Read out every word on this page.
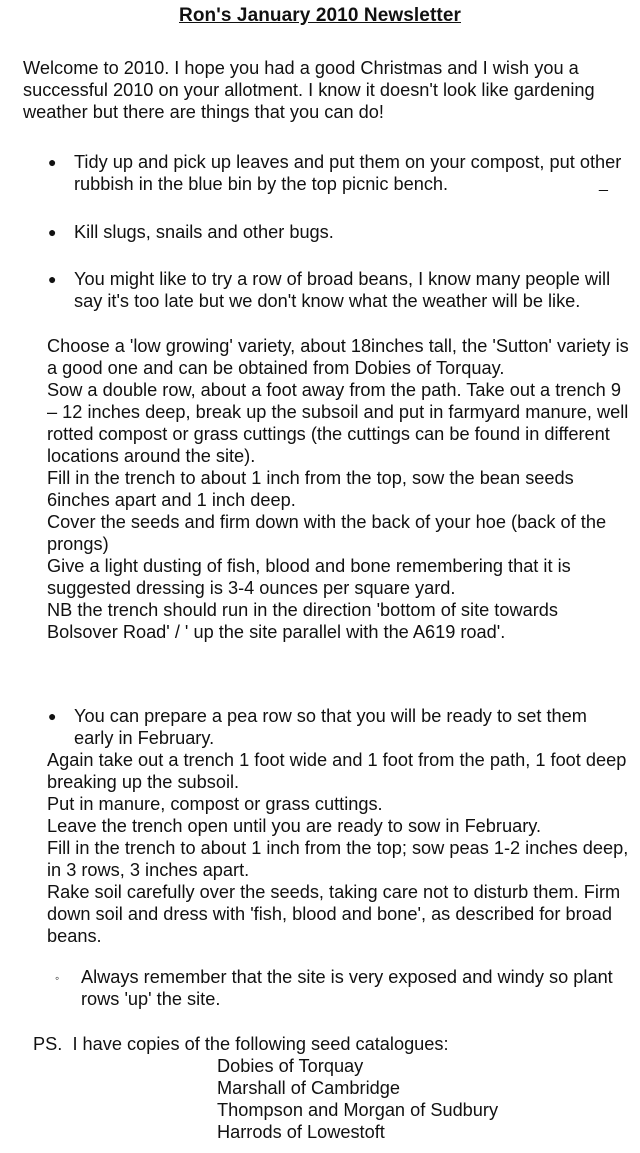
Ron's January 2010 Newsletter
Welcome to 2010. I hope you had a good Christmas and I wish you a successful 2010 on your allotment. I know it doesn't look like gardening weather but there are things that you can do!
● Tidy up and pick up leaves and put them on your compost, put other rubbish in the blue bin by the top picnic bench.	_
● Kill slugs, snails and other bugs.
● You might like to try a row of broad beans, I know many people will say it's too late but we don't know what the weather will be like.

Choose a 'low growing' variety, about 18inches tall, the 'Sutton' variety is a good one and can be obtained from Dobies of Torquay.

Sow a double row, about a foot away from the path. Take out a trench 9 – 12 inches deep, break up the subsoil and put in farmyard manure, well rotted compost or grass cuttings (the cuttings can be found in different locations around the site).

Fill in the trench to about 1 inch from the top, sow the bean seeds 6inches apart and 1 inch deep.

Cover the seeds and firm down with the back of your hoe (back of the prongs)

Give a light dusting of fish, blood and bone remembering that it is suggested dressing is 3-4 ounces per square yard.

NB the trench should run in the direction 'bottom of site towards Bolsover Road' / ' up the site parallel with the A619 road'.

● You can prepare a pea row so that you will be ready to set them early in February.

Again take out a trench 1 foot wide and 1 foot from the path, 1 foot deep breaking up the subsoil.

Put in manure, compost or grass cuttings.

Leave the trench open until you are ready to sow in February.

Fill in the trench to about 1 inch from the top; sow peas 1-2 inches deep, in 3 rows, 3 inches apart.

Rake soil carefully over the seeds, taking care not to disturb them. Firm down soil and dress with 'fish, blood and bone', as described for broad beans.

◦ Always remember that the site is very exposed and windy so plant rows 'up' the site.
PS. I have copies of the following seed catalogues:
Dobies of Torquay
Marshall of Cambridge
Thompson and Morgan of Sudbury
Harrods of Lowestoft
